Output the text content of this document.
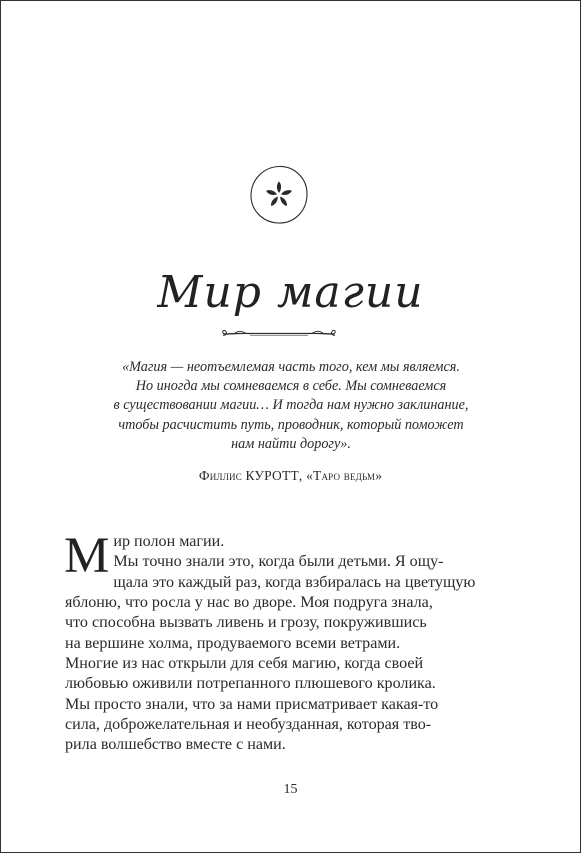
Мир магии
«Магия — неотъемлемая часть того, кем мы являемся.
Но иногда мы сомневаемся в себе. Мы сомневаемся
в существовании магии… И тогда нам нужно заклинание,
чтобы расчистить путь, проводник, который поможет
нам найти дорогу».
Филлис КУРОТТ, «Таро ведьм»
М ир полон магии.
Мы точно знали это, когда были детьми. Я ощу-
щала это каждый раз, когда взбиралась на цветущую
яблоню, что росла у нас во дворе. Моя подруга знала,
что способна вызвать ливень и грозу, покружившись
на вершине холма, продуваемого всеми ветрами.
Многие из нас открыли для себя магию, когда своей
любовью оживили потрепанного плюшевого кролика.
Мы просто знали, что за нами присматривает какая-то
сила, доброжелательная и необузданная, которая тво-
рила волшебство вместе с нами.
15
